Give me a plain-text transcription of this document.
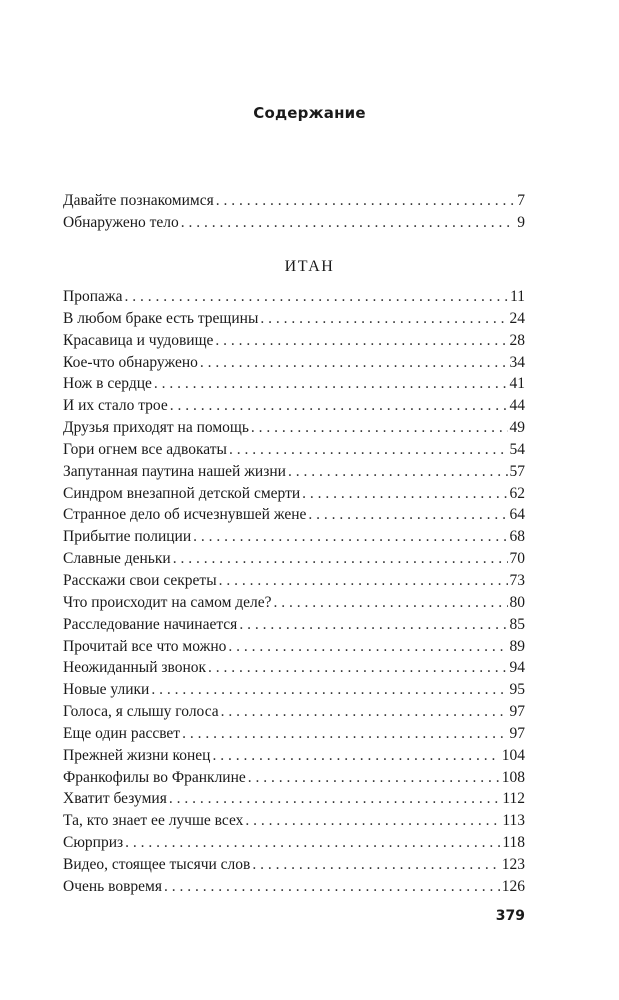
Содержание
Давайте познакомимся . . .	7
Обнаружено тело . . .	9
ИТАН
Пропажа . . .	11
В любом браке есть трещины . . .	24
Красавица и чудовище . . .	28
Кое-что обнаружено . . .	34
Нож в сердце . . .	41
И их стало трое . . .	44
Друзья приходят на помощь . . .	49
Гори огнем все адвокаты . . .	54
Запутанная паутина нашей жизни . . .	57
Синдром внезапной детской смерти . . .	62
Странное дело об исчезнувшей жене . . .	64
Прибытие полиции . . .	68
Славные деньки . . .	70
Расскажи свои секреты . . .	73
Что происходит на самом деле? . . .	80
Расследование начинается . . .	85
Прочитай все что можно . . .	89
Неожиданный звонок . . .	94
Новые улики . . .	95
Голоса, я слышу голоса . . .	97
Еще один рассвет . . .	97
Прежней жизни конец . . .	104
Франкофилы во Франклине . . .	108
Хватит безумия . . .	112
Та, кто знает ее лучше всех . . .	113
Сюрприз . . .	118
Видео, стоящее тысячи слов . . .	123
Очень вовремя . . .	126
379
